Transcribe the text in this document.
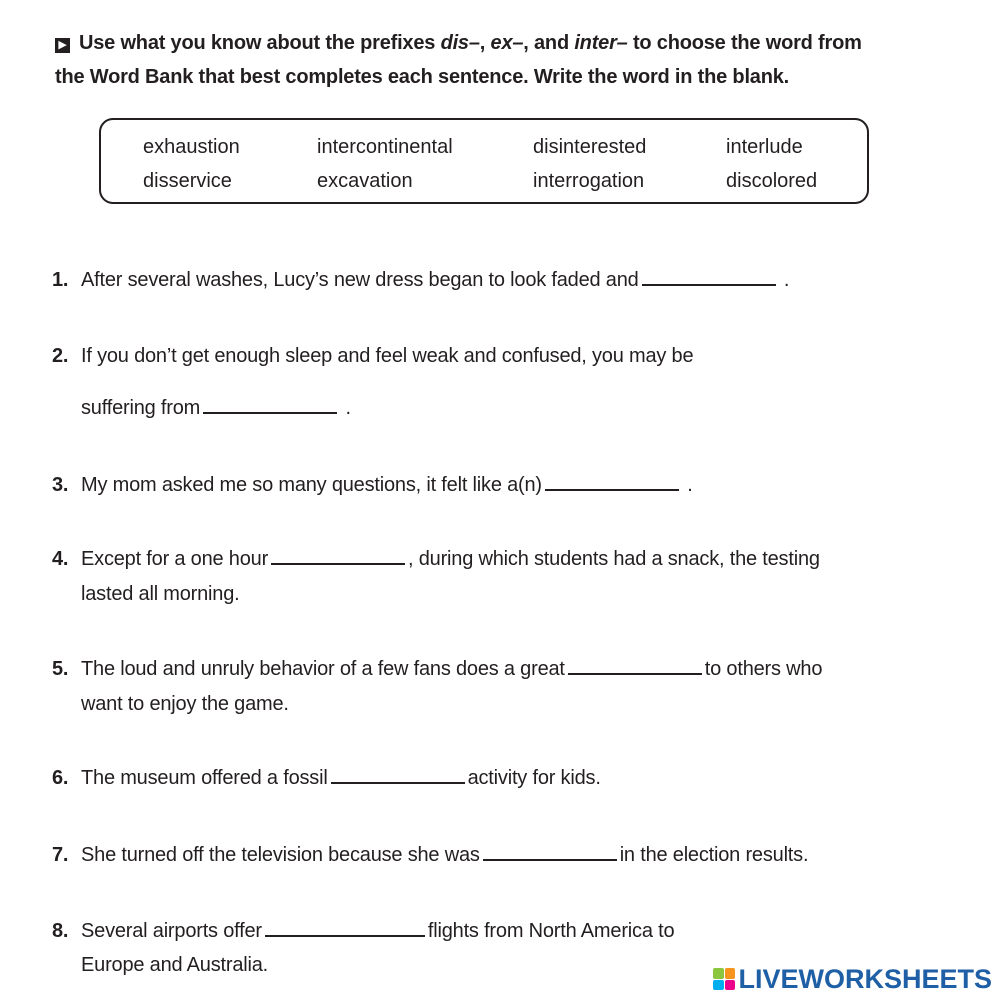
▶ Use what you know about the prefixes dis–, ex–, and inter– to choose the word from
the Word Bank that best completes each sentence. Write the word in the blank.
exhaustion	intercontinental	disinterested	interlude
disservice	excavation	interrogation	discolored
1. After several washes, Lucy’s new dress began to look faded and	.
2. If you don’t get enough sleep and feel weak and confused, you may be
suffering from	.
3. My mom asked me so many questions, it felt like a(n)	.
4. Except for a one hour	, during which students had a snack, the testing
lasted all morning.
5. The loud and unruly behavior of a few fans does a great	to others who
want to enjoy the game.
6. The museum offered a fossil	activity for kids.
7. She turned off the television because she was	in the election results.
8. Several airports offer	flights from North America to
Europe and Australia.	LIVEWORKSHEETS
